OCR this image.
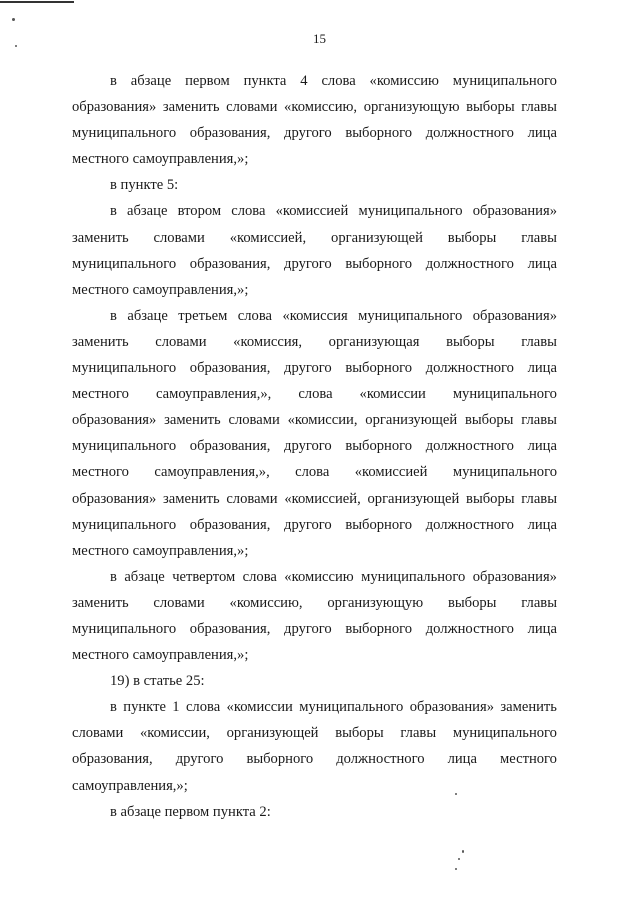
15
в абзаце первом пункта 4 слова «комиссию муниципального
образования» заменить словами «комиссию, организующую выборы главы
муниципального образования, другого выборного должностного лица
местного самоуправления,»;
в пункте 5:
в абзаце втором слова «комиссией муниципального образования»
заменить словами «комиссией, организующей выборы главы
муниципального образования, другого выборного должностного лица
местного самоуправления,»;
в абзаце третьем слова «комиссия муниципального образования»
заменить словами «комиссия, организующая выборы главы
муниципального образования, другого выборного должностного лица
местного самоуправления,», слова «комиссии муниципального
образования» заменить словами «комиссии, организующей выборы главы
муниципального образования, другого выборного должностного лица
местного самоуправления,», слова «комиссией муниципального
образования» заменить словами «комиссией, организующей выборы главы
муниципального образования, другого выборного должностного лица
местного самоуправления,»;
в абзаце четвертом слова «комиссию муниципального образования»
заменить словами «комиссию, организующую выборы главы
муниципального образования, другого выборного должностного лица
местного самоуправления,»;
19) в статье 25:
в пункте 1 слова «комиссии муниципального образования» заменить
словами «комиссии, организующей выборы главы муниципального
образования, другого выборного должностного лица местного
самоуправления,»;
в абзаце первом пункта 2:
